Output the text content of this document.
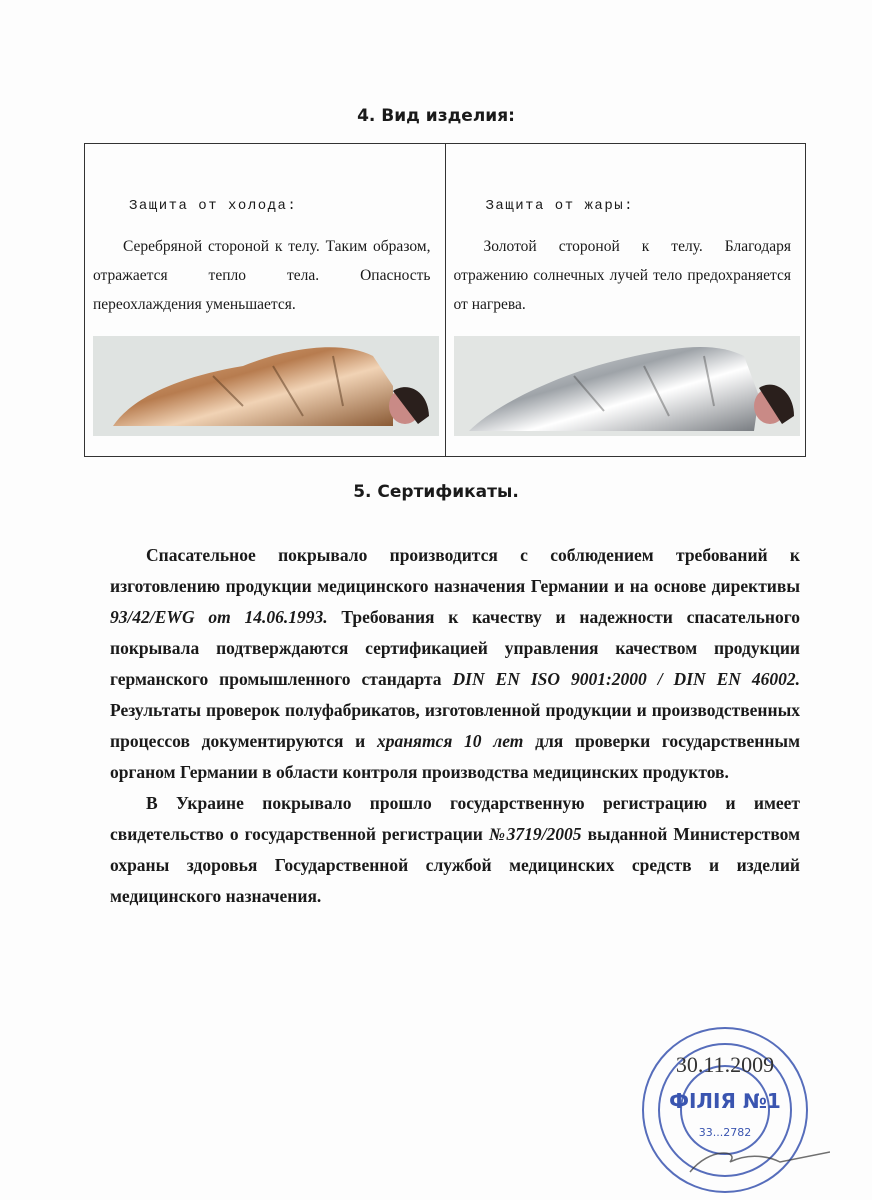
4. Вид изделия:
Защита от холода:
Серебряной стороной к телу. Таким образом, отражается тепло тела. Опасность переохлаждения уменьшается.
Защита от жары:
Золотой стороной к телу. Благодаря отражению солнечных лучей тело предохраняется от нагрева.
5. Сертификаты.

Спасательное покрывало производится с соблюдением требований к изготовлению продукции медицинского назначения Германии и на основе директивы 93/42/EWG от 14.06.1993. Требования к качеству и надежности спасательного покрывала подтверждаются сертификацией управления качеством продукции германского промышленного стандарта DIN EN ISO 9001:2000 / DIN EN 46002. Результаты проверок полуфабрикатов, изготовленной продукции и производственных процессов документируются и хранятся 10 лет для проверки государственным органом Германии в области контроля производства медицинских продуктов.

В Украине покрывало прошло государственную регистрацию и имеет свидетельство о государственной регистрации №3719/2005 выданной Министерством охраны здоровья Государственной службой медицинских средств и изделий медицинского назначения.

30.11.2009
ФІЛІЯ №1
33...2782
